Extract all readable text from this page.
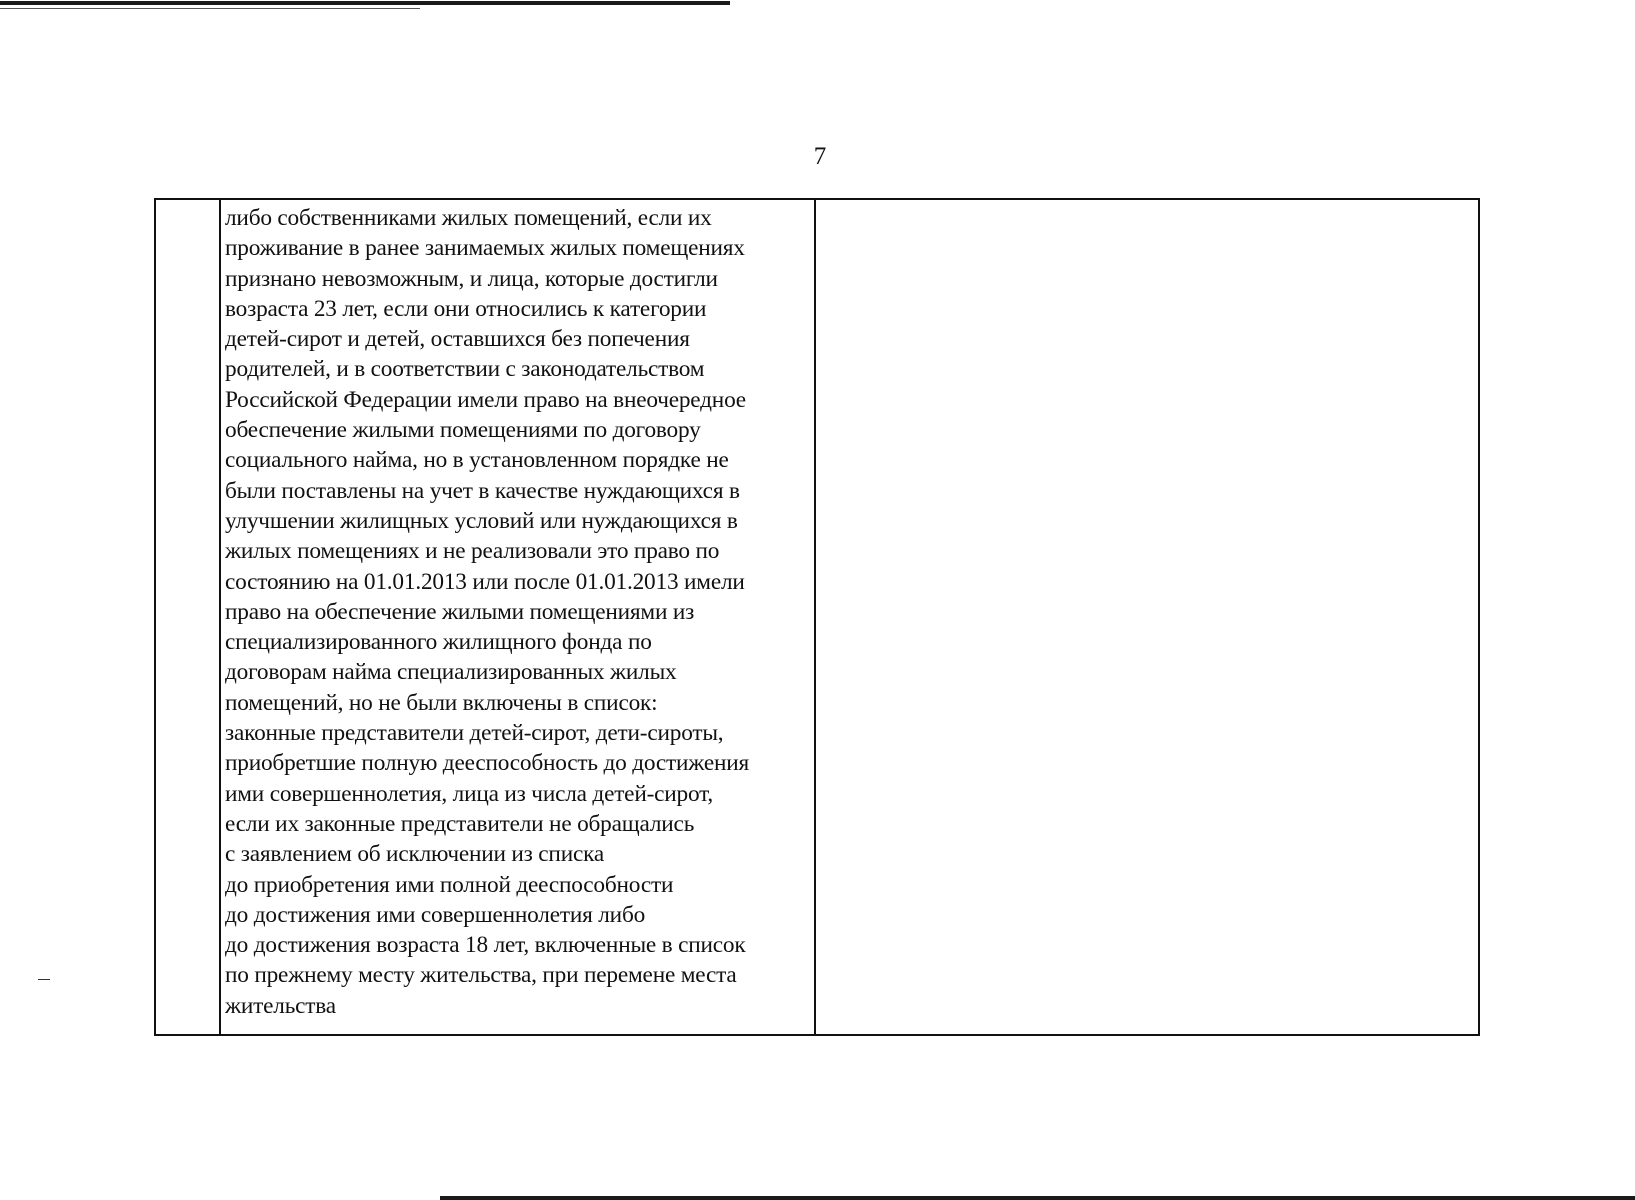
7
либо собственниками жилых помещений, если их
проживание в ранее занимаемых жилых помещениях
признано невозможным, и лица, которые достигли
возраста 23 лет, если они относились к категории
детей-сирот и детей, оставшихся без попечения
родителей, и в соответствии с законодательством
Российской Федерации имели право на внеочередное
обеспечение жилыми помещениями по договору
социального найма, но в установленном порядке не
были поставлены на учет в качестве нуждающихся в
улучшении жилищных условий или нуждающихся в
жилых помещениях и не реализовали это право по
состоянию на 01.01.2013 или после 01.01.2013 имели
право на обеспечение жилыми помещениями из
специализированного жилищного фонда по
договорам найма специализированных жилых
помещений, но не были включены в список:
законные представители детей-сирот, дети-сироты,
приобретшие полную дееспособность до достижения
ими совершеннолетия, лица из числа детей-сирот,
если их законные представители не обращались
с заявлением об исключении из списка
до приобретения ими полной дееспособности
до достижения ими совершеннолетия либо
до достижения возраста 18 лет, включенные в список
по прежнему месту жительства, при перемене места
жительства
